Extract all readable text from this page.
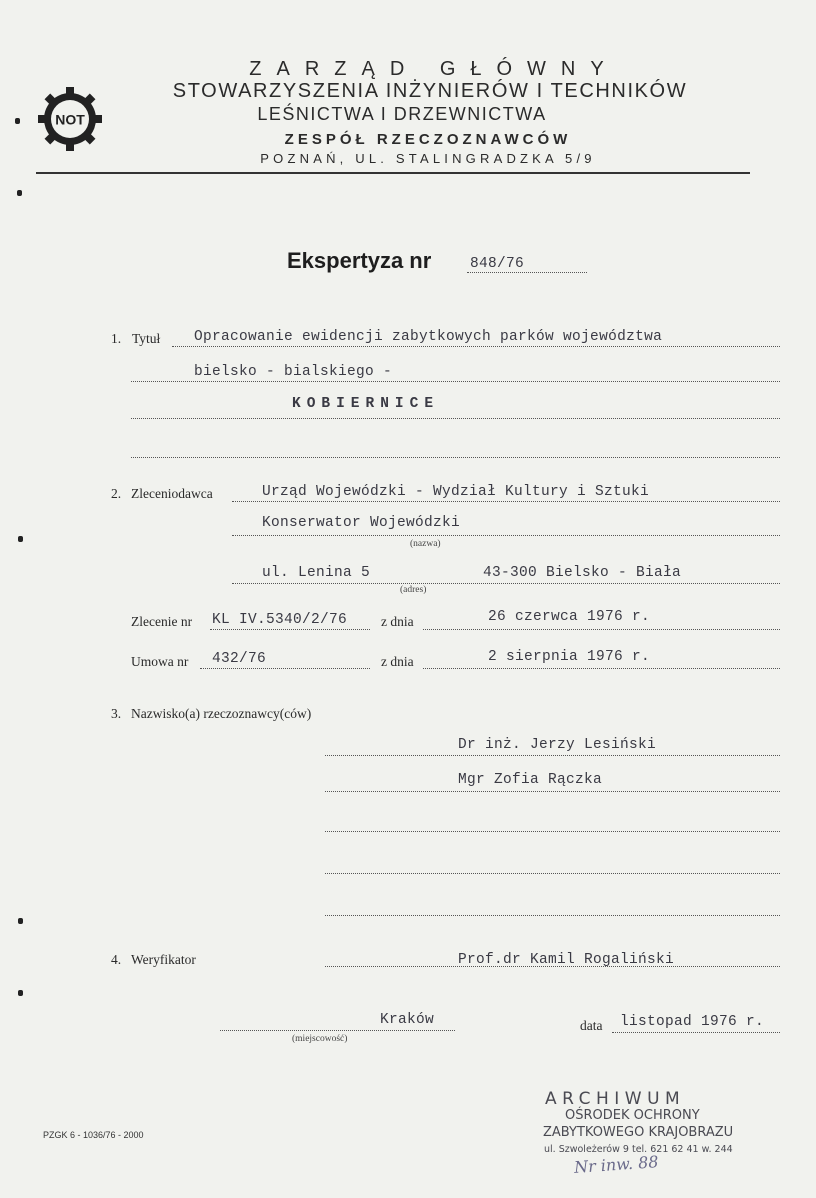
ZARZĄD GŁÓWNY
STOWARZYSZENIA INŻYNIERÓW I TECHNIKÓW
LEŚNICTWA I DRZEWNICTWA
ZESPÓŁ RZECZOZNAWCÓW
POZNAŃ, UL. STALINGRADZKA 5/9
NOT
Ekspertyza nr	848/76
1. Tytuł Opracowanie ewidencji zabytkowych parków województwa
bielsko - bialskiego -
KOBIERNICE
2. Zleceniodawca	Urząd Wojewódzki - Wydział Kultury i Sztuki
Konserwator Wojewódzki
(nazwa)
ul. Lenina 5	43-300 Bielsko - Biała
(adres)
Zlecenie nr KL IV.5340/2/76	z dnia	26 czerwca 1976 r.
Umowa nr 432/76	z dnia	2 sierpnia 1976 r.
3. Nazwisko(a) rzeczoznawcy(ców)
Dr inż. Jerzy Lesiński
Mgr Zofia Rączka
4. Weryfikator	Prof.dr Kamil Rogaliński
Kraków
(miejscowość)
data listopad 1976 r.
ARCHIWUM
OŚRODEK OCHRONY
ZABYTKOWEGO KRAJOBRAZU
ul. Szwoleżerów 9 tel. 621 62 41 w. 244
Nr inw. 88
PZGK 6 - 1036/76 - 2000
